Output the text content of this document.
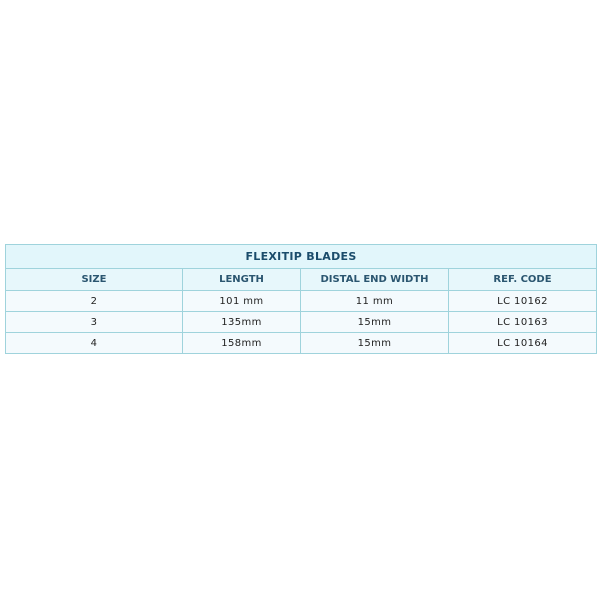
FLEXITIP BLADES			
SIZE	LENGTH	DISTAL END WIDTH	REF. CODE
2	101 mm	11 mm	LC 10162
3	135mm	15mm	LC 10163
4	158mm	15mm	LC 10164
